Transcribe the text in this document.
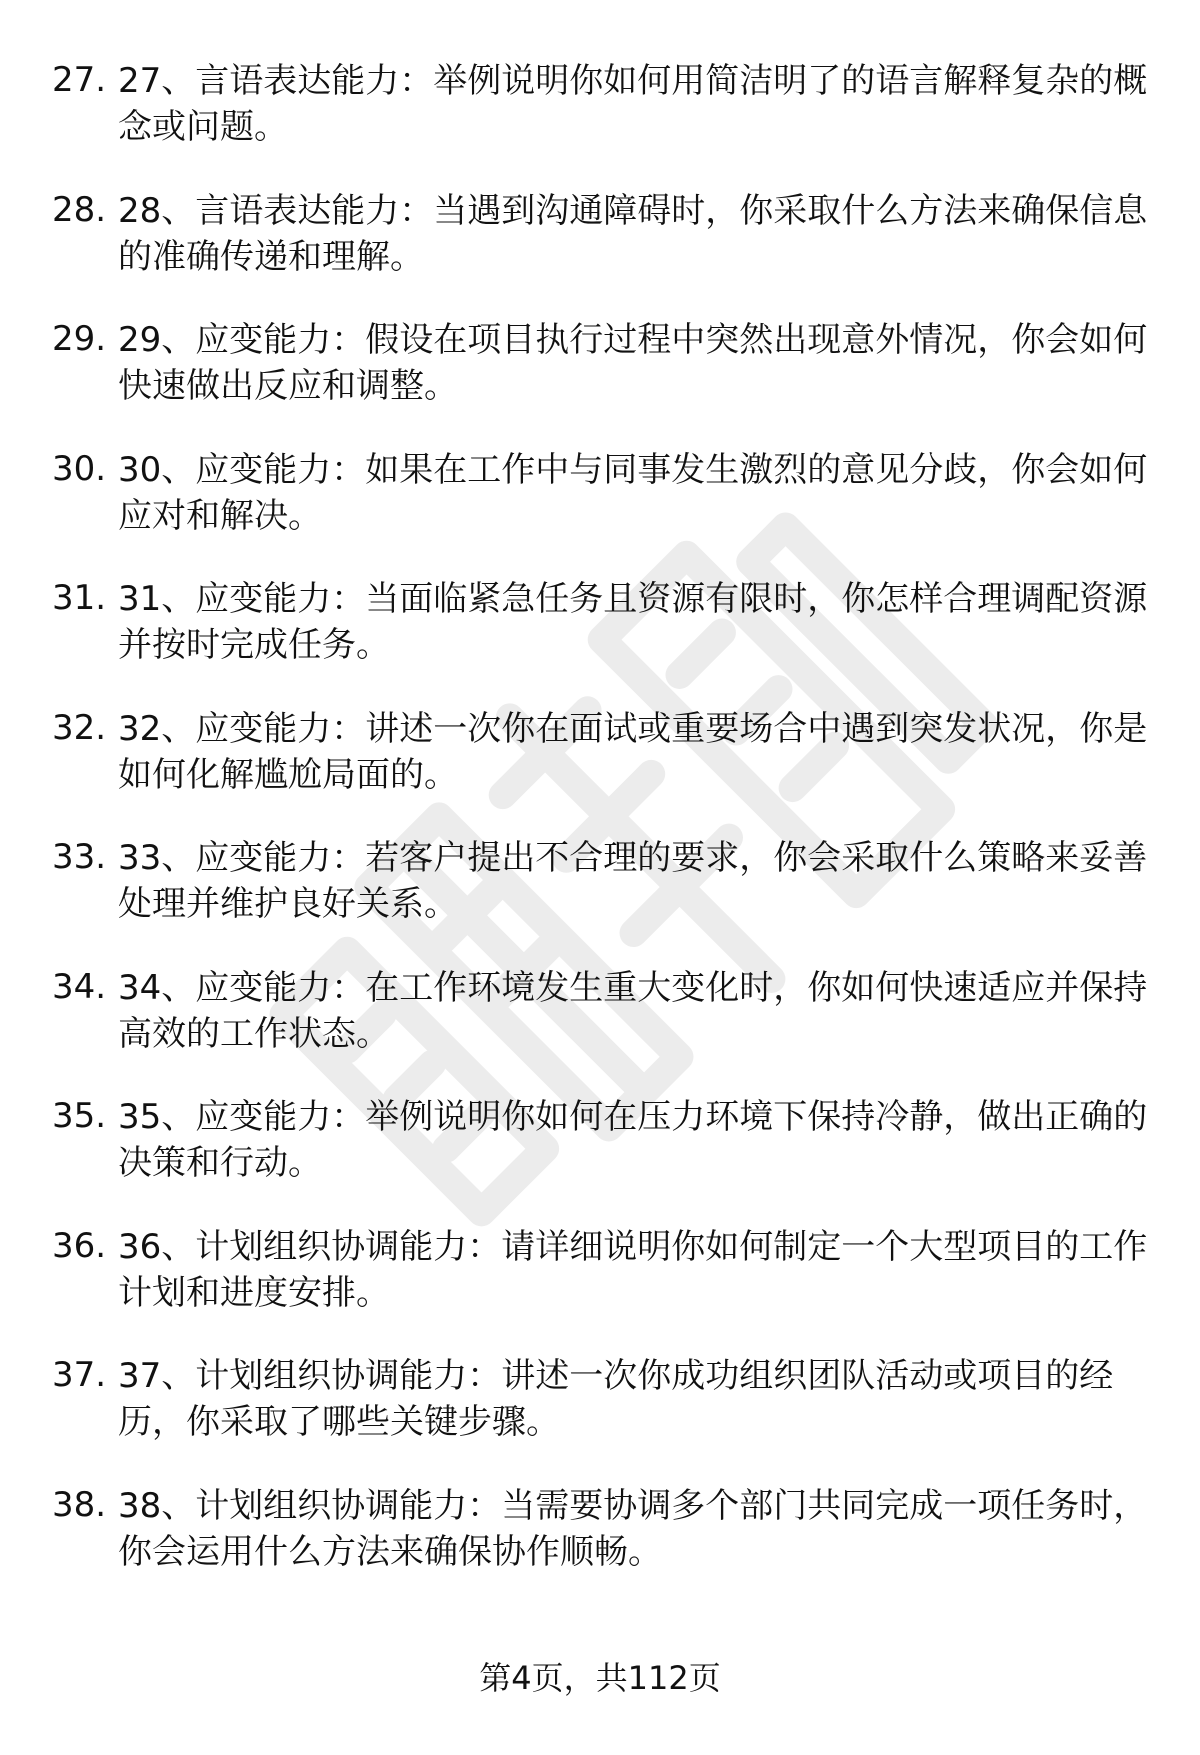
27. 27、言语表达能力：举例说明你如何用简洁明了的语言解释复杂的概念或问题。
28. 28、言语表达能力：当遇到沟通障碍时，你采取什么方法来确保信息的准确传递和理解。
29. 29、应变能力：假设在项目执行过程中突然出现意外情况，你会如何快速做出反应和调整。
30. 30、应变能力：如果在工作中与同事发生激烈的意见分歧，你会如何应对和解决。
31. 31、应变能力：当面临紧急任务且资源有限时，你怎样合理调配资源并按时完成任务。
32. 32、应变能力：讲述一次你在面试或重要场合中遇到突发状况，你是如何化解尴尬局面的。
33. 33、应变能力：若客户提出不合理的要求，你会采取什么策略来妥善处理并维护良好关系。
34. 34、应变能力：在工作环境发生重大变化时，你如何快速适应并保持高效的工作状态。
35. 35、应变能力：举例说明你如何在压力环境下保持冷静，做出正确的决策和行动。
36. 36、计划组织协调能力：请详细说明你如何制定一个大型项目的工作计划和进度安排。
37. 37、计划组织协调能力：讲述一次你成功组织团队活动或项目的经历，你采取了哪些关键步骤。
38. 38、计划组织协调能力：当需要协调多个部门共同完成一项任务时，你会运用什么方法来确保协作顺畅。
第4页，共112页
